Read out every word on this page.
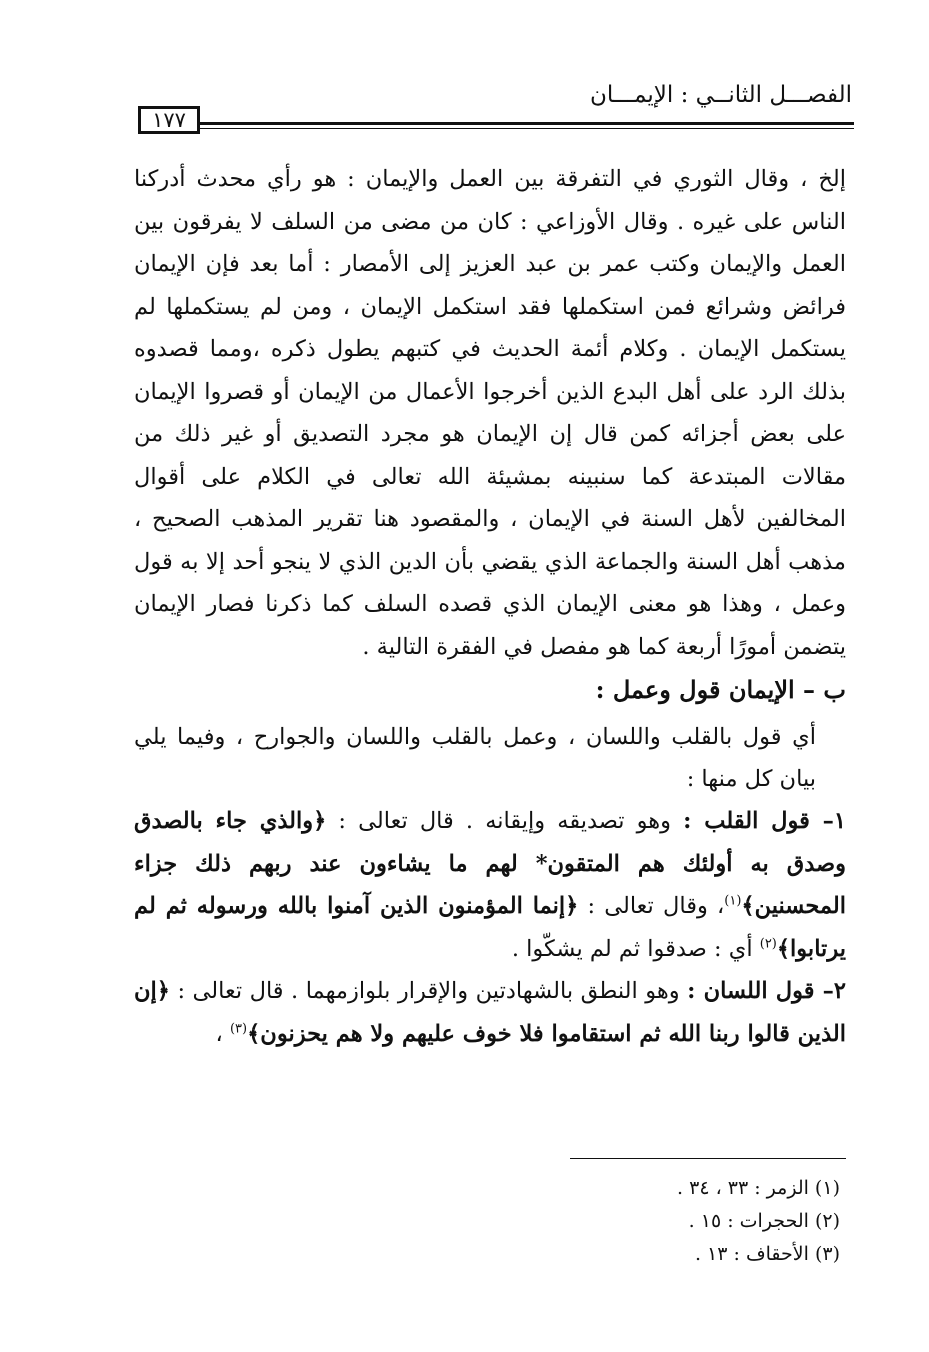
١٧٧
الفصـــل الثانــي : الإيمـــان

إلخ ، وقال الثوري في التفرقة بين العمل والإيمان : هو رأي محدث أدركنا الناس على غيره . وقال الأوزاعي : كان من مضى من السلف لا يفرقون بين العمل والإيمان وكتب عمر بن عبد العزيز إلى الأمصار : أما بعد فإن الإيمان فرائض وشرائع فمن استكملها فقد استكمل الإيمان ، ومن لم يستكملها لم يستكمل الإيمان . وكلام أئمة الحديث في كتبهم يطول ذكره ،ومما قصدوه بذلك الرد على أهل البدع الذين أخرجوا الأعمال من الإيمان أو قصروا الإيمان على بعض أجزائه كمن قال إن الإيمان هو مجرد التصديق أو غير ذلك من مقالات المبتدعة كما سنبينه بمشيئة الله تعالى في الكلام على أقوال المخالفين لأهل السنة في الإيمان ، والمقصود هنا تقرير المذهب الصحيح ، مذهب أهل السنة والجماعة الذي يقضي بأن الدين الذي لا ينجو أحد إلا به قول وعمل ، وهذا هو معنى الإيمان الذي قصده السلف كما ذكرنا فصار الإيمان يتضمن أمورًا أربعة كما هو مفصل في الفقرة التالية .

ب – الإيمان قول وعمل :

أي قول بالقلب واللسان ، وعمل بالقلب واللسان والجوارح ، وفيما يلي بيان كل منها :

١– قول القلب : وهو تصديقه وإيقانه . قال تعالى : ﴿والذي جاء بالصدق وصدق به أولئك هم المتقون* لهم ما يشاءون عند ربهم ذلك جزاء المحسنين﴾$^{(١)}$، وقال تعالى : ﴿إنما المؤمنون الذين آمنوا بالله ورسوله ثم لم يرتابوا﴾$^{(٢)}$ أي : صدقوا ثم لم يشكّوا .

٢– قول اللسان : وهو النطق بالشهادتين والإقرار بلوازمهما . قال تعالى : ﴿إن الذين قالوا ربنا الله ثم استقاموا فلا خوف عليهم ولا هم يحزنون﴾$^{(٣)}$ ،

(١) الزمر : ٣٣ ، ٣٤ .

(٢) الحجرات : ١٥ .

(٣) الأحقاف : ١٣ .
